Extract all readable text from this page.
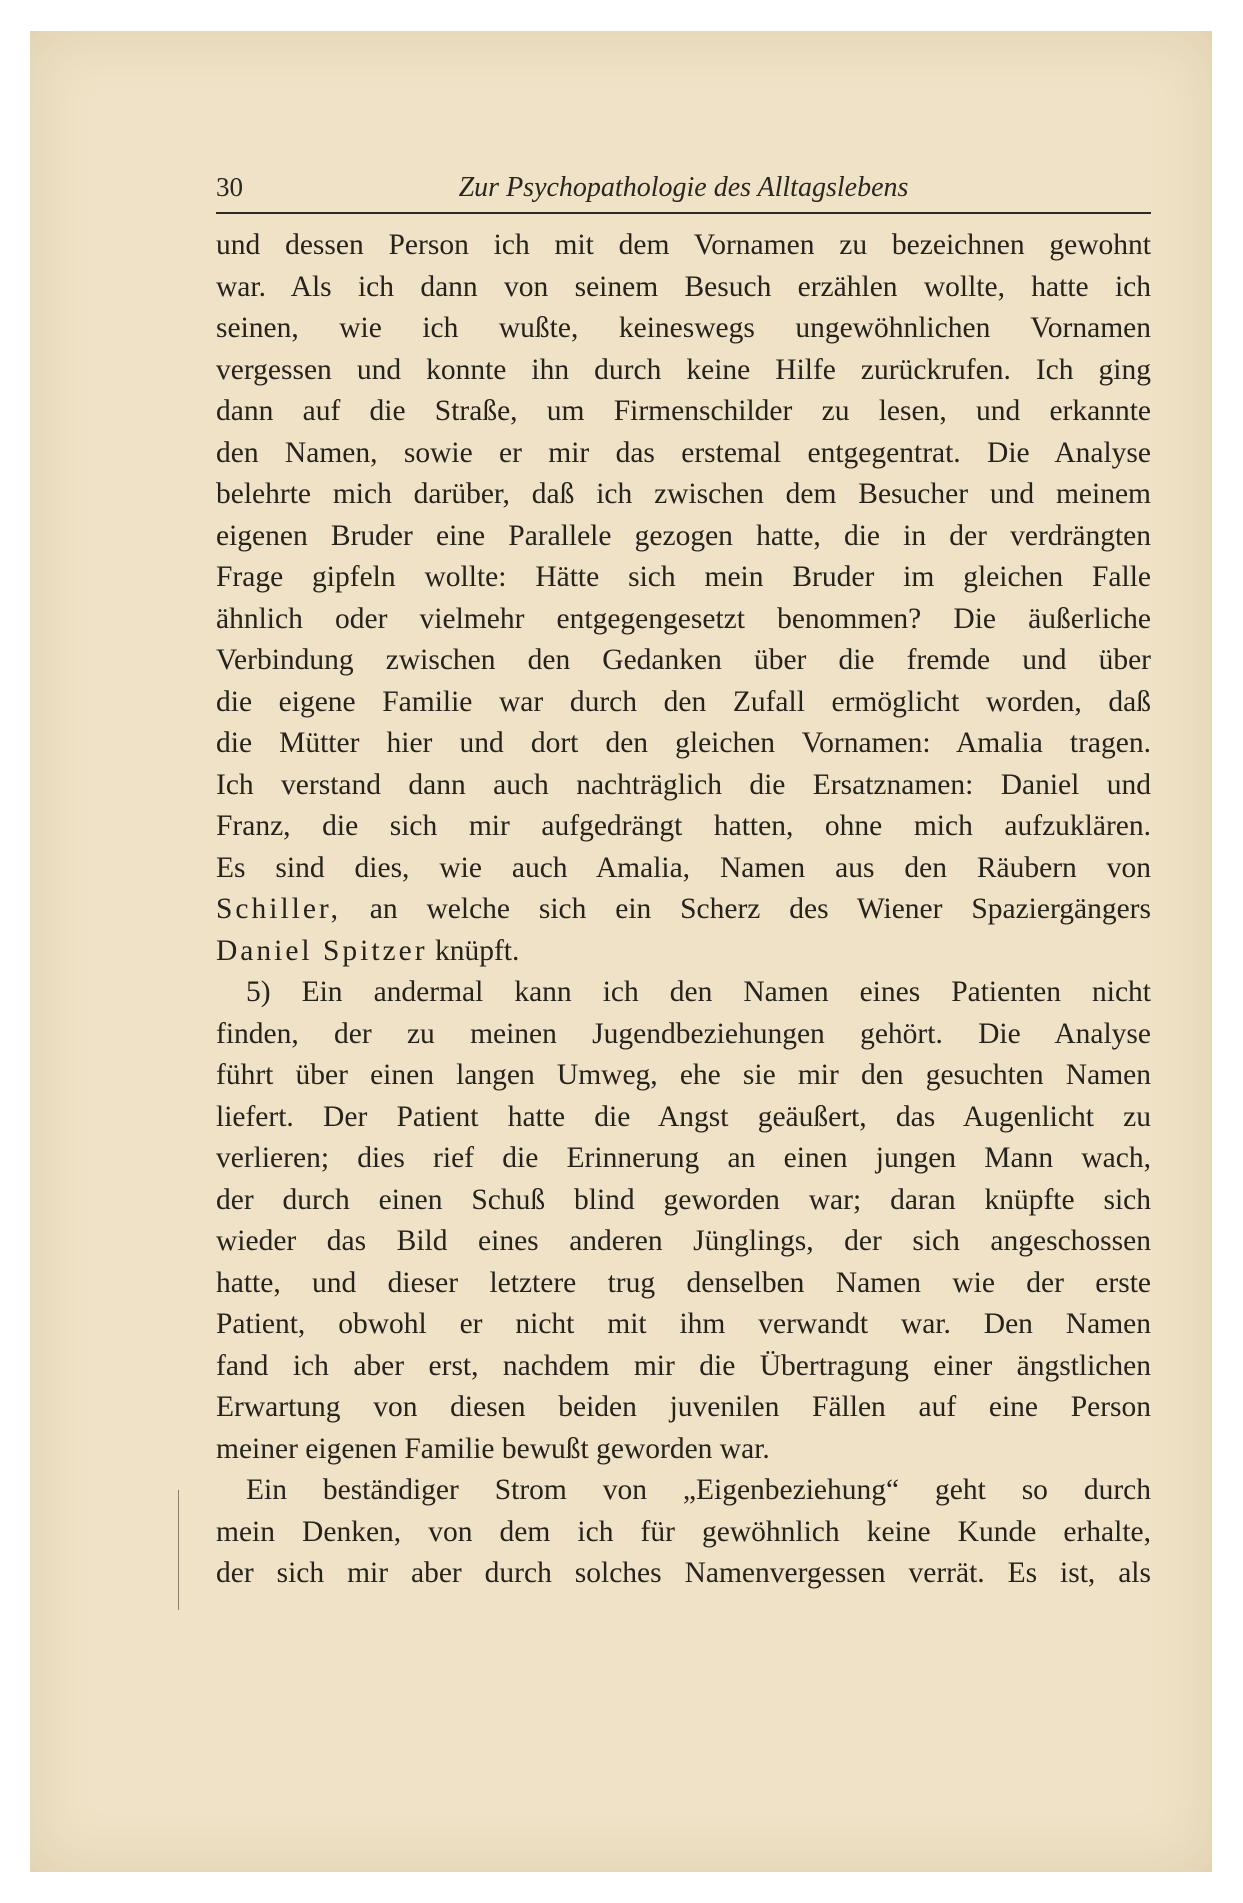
30	Zur Psychopathologie des Alltagslebens
und dessen Person ich mit dem Vornamen zu bezeichnen gewohnt
war. Als ich dann von seinem Besuch erzählen wollte, hatte ich
seinen, wie ich wußte, keineswegs ungewöhnlichen Vornamen
vergessen und konnte ihn durch keine Hilfe zurückrufen. Ich ging
dann auf die Straße, um Firmenschilder zu lesen, und erkannte
den Namen, sowie er mir das erstemal entgegentrat. Die Analyse
belehrte mich darüber, daß ich zwischen dem Besucher und meinem
eigenen Bruder eine Parallele gezogen hatte, die in der verdrängten
Frage gipfeln wollte: Hätte sich mein Bruder im gleichen Falle
ähnlich oder vielmehr entgegengesetzt benommen? Die äußerliche
Verbindung zwischen den Gedanken über die fremde und über
die eigene Familie war durch den Zufall ermöglicht worden, daß
die Mütter hier und dort den gleichen Vornamen: Amalia tragen.
Ich verstand dann auch nachträglich die Ersatznamen: Daniel und
Franz, die sich mir aufgedrängt hatten, ohne mich aufzuklären.
Es sind dies, wie auch Amalia, Namen aus den Räubern von
Schiller, an welche sich ein Scherz des Wiener Spaziergängers
Daniel Spitzer knüpft.
5) Ein andermal kann ich den Namen eines Patienten nicht
finden, der zu meinen Jugendbeziehungen gehört. Die Analyse
führt über einen langen Umweg, ehe sie mir den gesuchten Namen
liefert. Der Patient hatte die Angst geäußert, das Augenlicht zu
verlieren; dies rief die Erinnerung an einen jungen Mann wach,
der durch einen Schuß blind geworden war; daran knüpfte sich
wieder das Bild eines anderen Jünglings, der sich angeschossen
hatte, und dieser letztere trug denselben Namen wie der erste
Patient, obwohl er nicht mit ihm verwandt war. Den Namen
fand ich aber erst, nachdem mir die Übertragung einer ängstlichen
Erwartung von diesen beiden juvenilen Fällen auf eine Person
meiner eigenen Familie bewußt geworden war.
Ein beständiger Strom von „Eigenbeziehung“ geht so durch
mein Denken, von dem ich für gewöhnlich keine Kunde erhalte,
der sich mir aber durch solches Namenvergessen verrät. Es ist, als
